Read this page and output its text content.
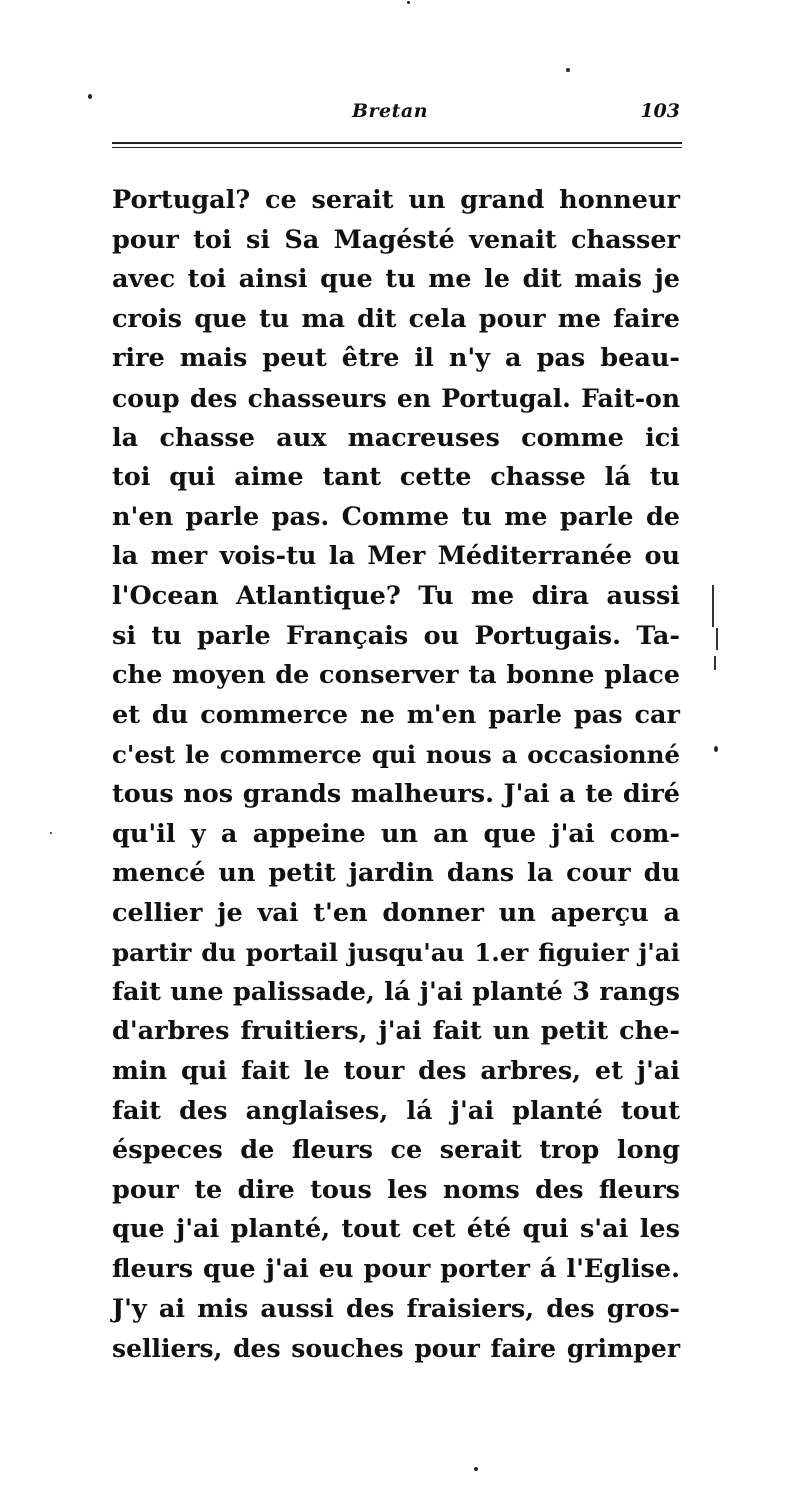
Bretan	103
Portugal? ce serait un grand honneur
pour toi si Sa Magésté venait chasser
avec toi ainsi que tu me le dit mais je
crois que tu ma dit cela pour me faire
rire mais peut être il n'y a pas beau-
coup des chasseurs en Portugal. Fait-on
la chasse aux macreuses comme ici
toi qui aime tant cette chasse lá tu
n'en parle pas. Comme tu me parle de
la mer vois-tu la Mer Méditerranée ou
l'Ocean Atlantique? Tu me dira aussi
si tu parle Français ou Portugais. Ta-
che moyen de conserver ta bonne place
et du commerce ne m'en parle pas car
c'est le commerce qui nous a occasionné
tous nos grands malheurs. J'ai a te diré
qu'il y a appeine un an que j'ai com-
mencé un petit jardin dans la cour du
cellier je vai t'en donner un aperçu a
partir du portail jusqu'au 1.er figuier j'ai
fait une palissade, lá j'ai planté 3 rangs
d'arbres fruitiers, j'ai fait un petit che-
min qui fait le tour des arbres, et j'ai
fait des anglaises, lá j'ai planté tout
éspeces de fleurs ce serait trop long
pour te dire tous les noms des fleurs
que j'ai planté, tout cet été qui s'ai les
fleurs que j'ai eu pour porter á l'Eglise.
J'y ai mis aussi des fraisiers, des gros-
selliers, des souches pour faire grimper
